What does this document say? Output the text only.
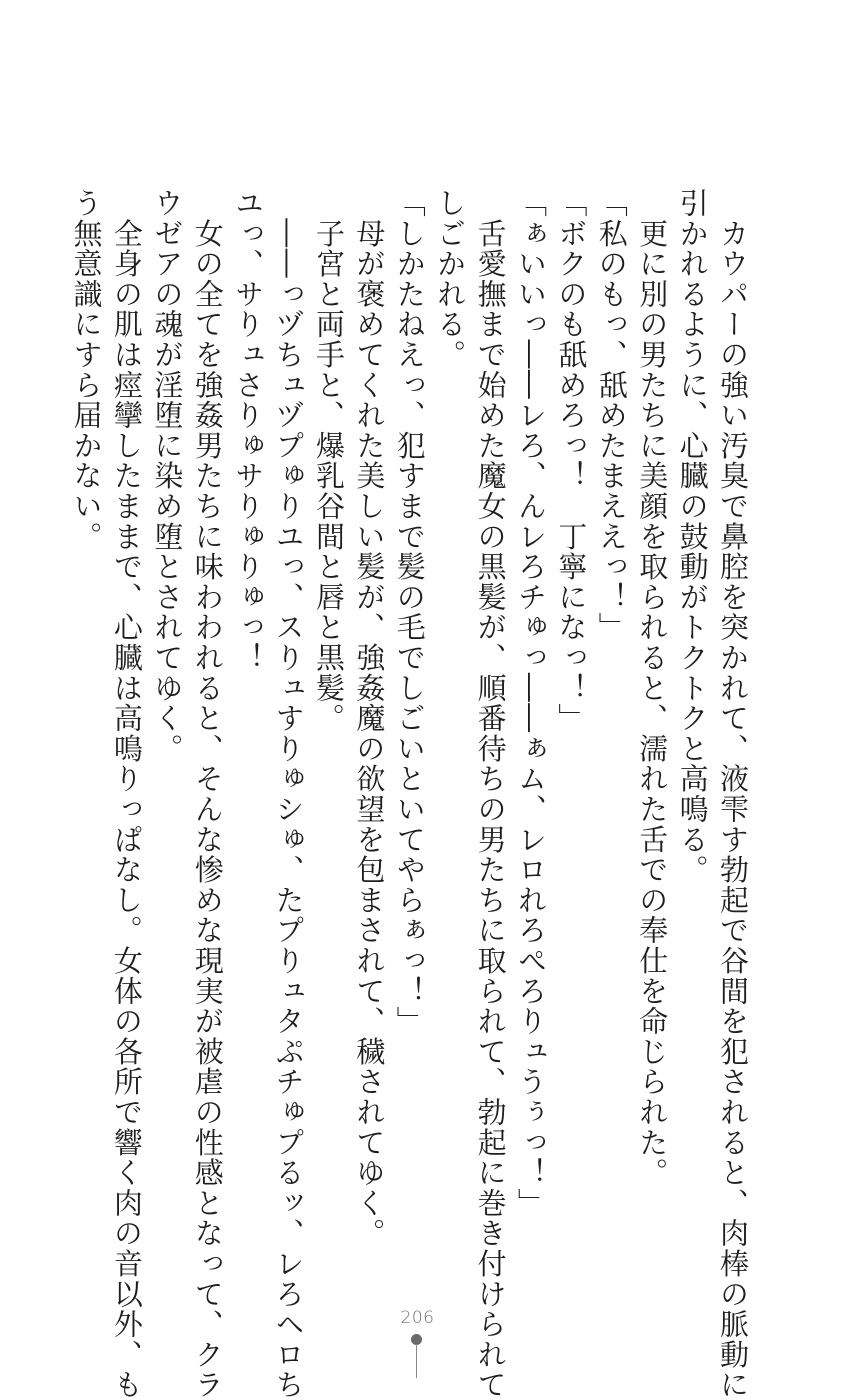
　カウパーの強い汚臭で鼻腔を突かれて、液雫す勃起で谷間を犯されると、肉棒の脈動に

引かれるように、心臓の鼓動がトクトクと高鳴る。

　更に別の男たちに美顔を取られると、濡れた舌での奉仕を命じられた。

「私のもっ、舐めたまええっ！」

「ボクのも舐めろっ！　丁寧になっ！」

「ぁいいっ――レろ、んレろチゅっ――ぁム、レロれろぺろりュうぅっ！」

　舌愛撫まで始めた魔女の黒髪が、順番待ちの男たちに取られて、勃起に巻き付けられて

しごかれる。

「しかたねえっ、犯すまで髪の毛でしごいといてやらぁっ！」

　母が褒めてくれた美しい髪が、強姦魔の欲望を包まされて、穢されてゆく。

　子宮と両手と、爆乳谷間と唇と黒髪。

　――っヅちュヅプゅりユっ、スりュすりゅシゅ、たプりュタぷチゅプるッ、レろヘロち

ユっ、サりュさりゅサりゅりゅっ！

　女の全てを強姦男たちに味わわれると、そんな惨めな現実が被虐の性感となって、クラ

ウゼアの魂が淫堕に染め堕とされてゆく。

　全身の肌は痙攣したままで、心臓は高鳴りっぱなし。女体の各所で響く肉の音以外、も

う無意識にすら届かない。

206
